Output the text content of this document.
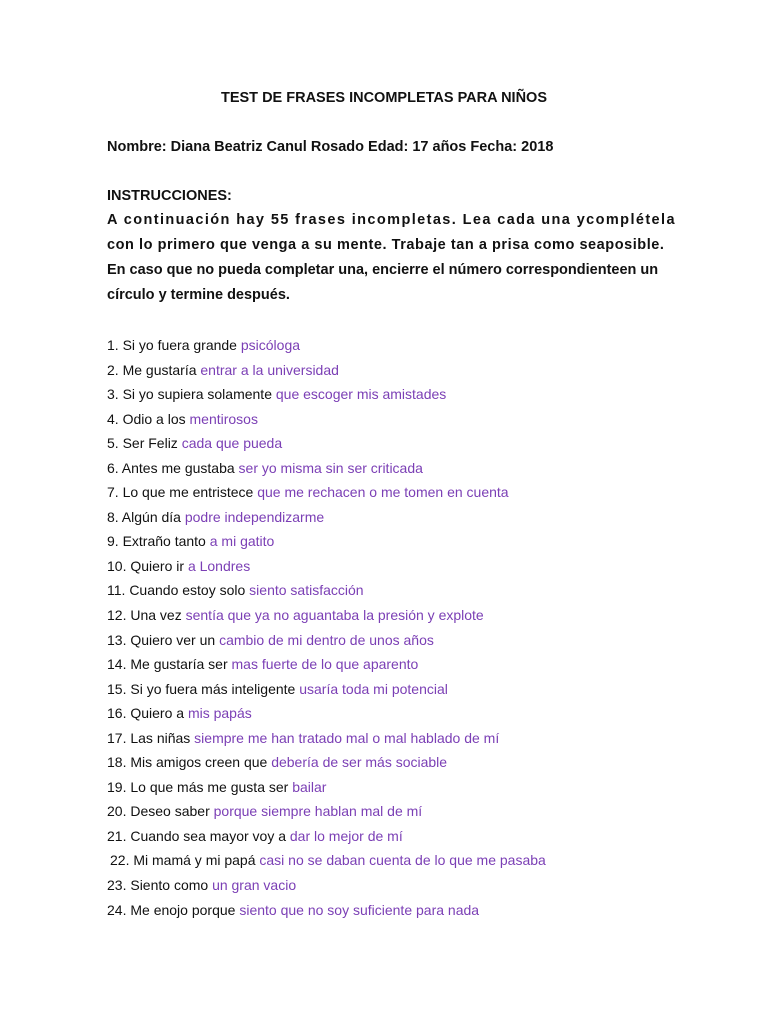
TEST DE FRASES INCOMPLETAS PARA NIÑOS
Nombre: Diana Beatriz Canul Rosado Edad: 17 años Fecha: 2018
INSTRUCCIONES:
A continuación hay 55 frases incompletas. Lea cada una ycomplétela
con lo primero que venga a su mente. Trabaje tan a prisa como seaposible.
En caso que no pueda completar una, encierre el número correspondienteen un
círculo y termine después.
1. Si yo fuera grande psicóloga
2. Me gustaría entrar a la universidad
3. Si yo supiera solamente que escoger mis amistades
4. Odio a los mentirosos
5. Ser Feliz cada que pueda
6. Antes me gustaba ser yo misma sin ser criticada
7. Lo que me entristece que me rechacen o me tomen en cuenta
8. Algún día podre independizarme
9. Extraño tanto a mi gatito
10. Quiero ir a Londres
11. Cuando estoy solo siento satisfacción
12. Una vez sentía que ya no aguantaba la presión y explote
13. Quiero ver un cambio de mi dentro de unos años
14. Me gustaría ser mas fuerte de lo que aparento
15. Si yo fuera más inteligente usaría toda mi potencial
16. Quiero a mis papás
17. Las niñas siempre me han tratado mal o mal hablado de mí
18. Mis amigos creen que debería de ser más sociable
19. Lo que más me gusta ser bailar
20. Deseo saber porque siempre hablan mal de mí
21. Cuando sea mayor voy a dar lo mejor de mí
22. Mi mamá y mi papá casi no se daban cuenta de lo que me pasaba
23. Siento como un gran vacio
24. Me enojo porque siento que no soy suficiente para nada
